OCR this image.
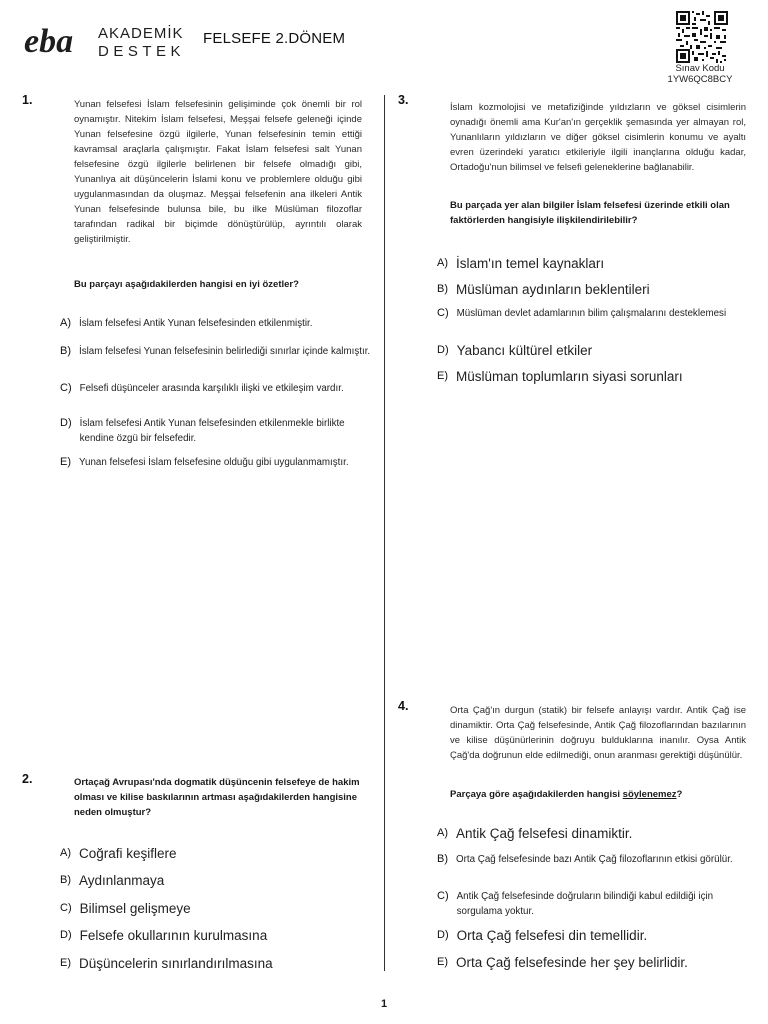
eba AKADEMİK
DESTEK
FELSEFE 2.DÖNEM
Sınav Kodu
1YW6QC8BCY
1.	Yunan felsefesi İslam felsefesinin gelişiminde çok önemli bir rol oynamıştır. Nitekim İslam felsefesi, Meşşai felsefe geleneği içinde Yunan felsefesine özgü ilgilerle, Yunan felsefesinin temin ettiği kavramsal araçlarla çalışmıştır. Fakat İslam felsefesi salt Yunan felsefesine özgü ilgilerle belirlenen bir felsefe olmadığı gibi, Yunanlıya ait düşüncelerin İslami konu ve problemlere olduğu gibi uygulanmasından da oluşmaz. Meşşai felsefenin ana ilkeleri Antik Yunan felsefesinde bulunsa bile, bu ilke Müslüman filozoflar tarafından radikal bir biçimde dönüştürülüp, ayrıntılı olarak geliştirilmiştir.
Bu parçayı aşağıdakilerden hangisi en iyi özetler?
A) İslam felsefesi Antik Yunan felsefesinden etkilenmiştir.
B) İslam felsefesi Yunan felsefesinin belirlediği sınırlar içinde kalmıştır.
C) Felsefi düşünceler arasında karşılıklı ilişki ve etkileşim vardır.
D) İslam felsefesi Antik Yunan felsefesinden etkilenmekle birlikte kendine özgü bir felsefedir.
E) Yunan felsefesi İslam felsefesine olduğu gibi uygulanmamıştır.
2.	Ortaçağ Avrupası'nda dogmatik düşüncenin felsefeye de hakim olması ve kilise baskılarının artması aşağıdakilerden hangisine neden olmuştur?
A) Coğrafi keşiflere
B) Aydınlanmaya
C) Bilimsel gelişmeye
D) Felsefe okullarının kurulmasına
E) Düşüncelerin sınırlandırılmasına
3.
İslam kozmolojisi ve metafiziğinde yıldızların ve göksel cisimlerin oynadığı önemli ama Kur'an'ın gerçeklik şemasında yer almayan rol, Yunanlıların yıldızların ve diğer göksel cisimlerin konumu ve ayaltı evren üzerindeki yaratıcı etkileriyle ilgili inançlarına olduğu kadar, Ortadoğu'nun bilimsel ve felsefi geleneklerine bağlanabilir.
Bu parçada yer alan bilgiler İslam felsefesi üzerinde etkili olan faktörlerden hangisiyle ilişkilendirilebilir?
A) İslam'ın temel kaynakları
B) Müslüman aydınların beklentileri
C) Müslüman devlet adamlarının bilim çalışmalarını desteklemesi
D) Yabancı kültürel etkiler
E) Müslüman toplumların siyasi sorunları
4.	Orta Çağ'ın durgun (statik) bir felsefe anlayışı vardır. Antik Çağ ise dinamiktir. Orta Çağ felsefesinde, Antik Çağ filozoflarından bazılarının ve kilise düşünürlerinin doğruyu bulduklarına inanılır. Oysa Antik Çağ'da doğrunun elde edilmediği, onun aranması gerektiği düşünülür.
Parçaya göre aşağıdakilerden hangisi söylenemez?
A) Antik Çağ felsefesi dinamiktir.
B) Orta Çağ felsefesinde bazı Antik Çağ filozoflarının etkisi görülür.
C) Antik Çağ felsefesinde doğruların bilindiği kabul edildiği için sorgulama yoktur.
D) Orta Çağ felsefesi din temellidir.
E) Orta Çağ felsefesinde her şey belirlidir.
1
